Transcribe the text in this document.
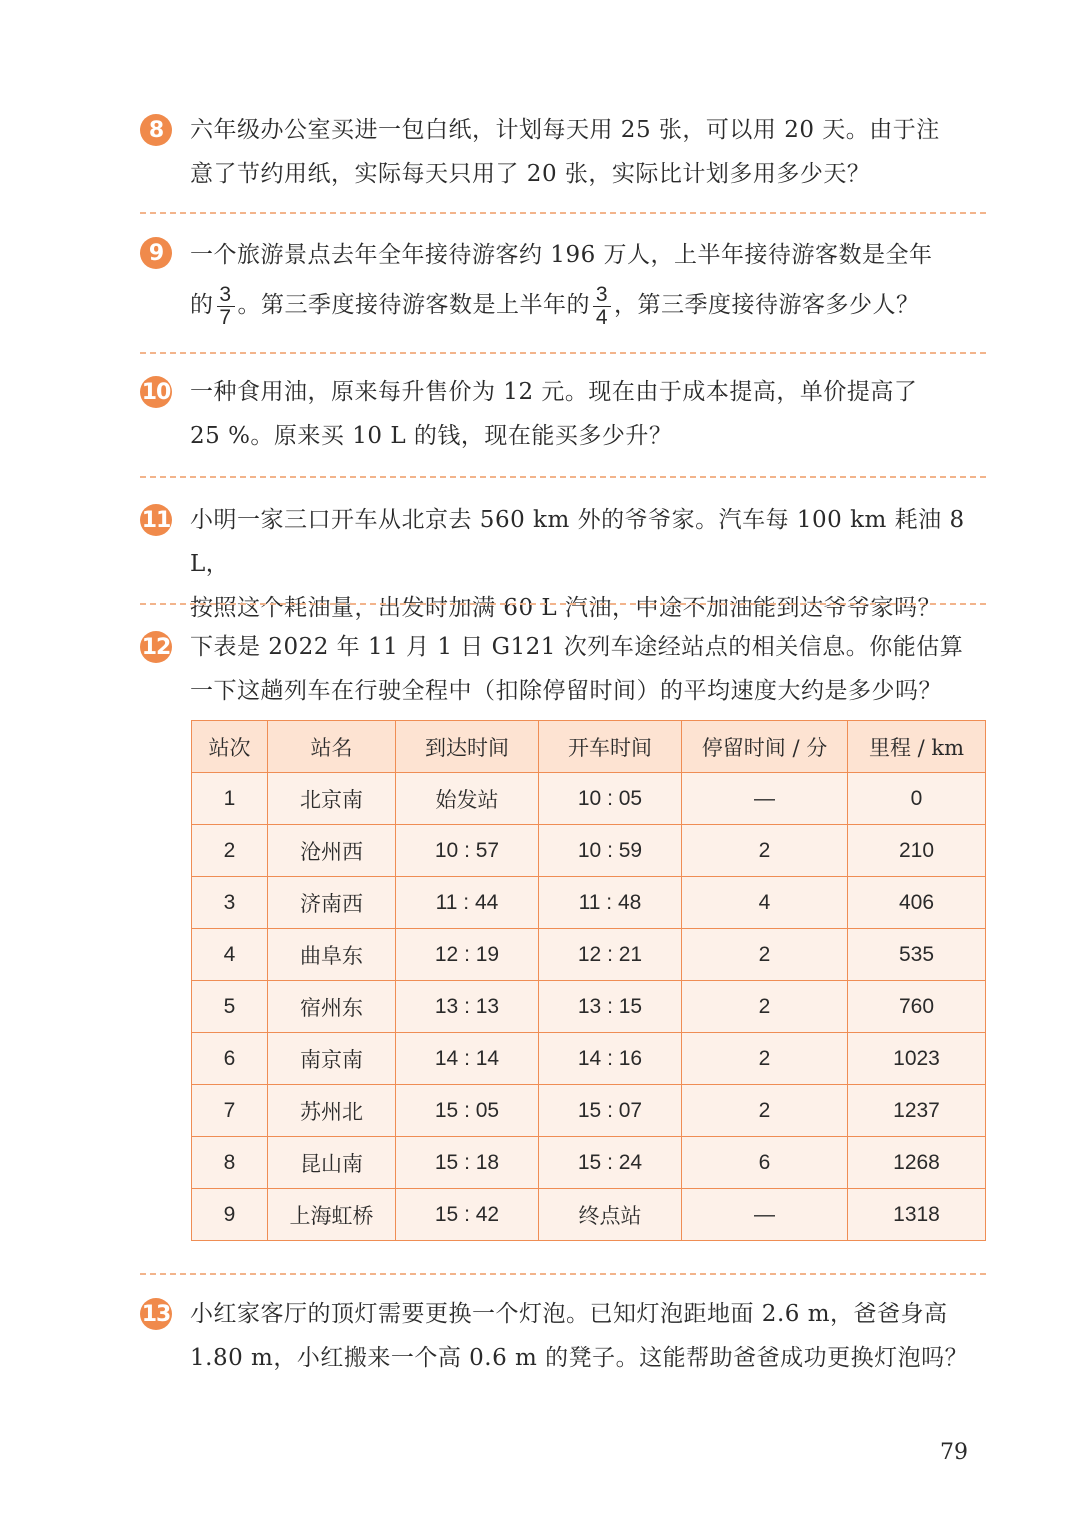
8	六年级办公室买进一包白纸，计划每天用 25 张，可以用 20 天。由于注
意了节约用纸，实际每天只用了 20 张，实际比计划多用多少天？
9	一个旅游景点去年全年接待游客约 196 万人，上半年接待游客数是全年
的 $\frac{3}{7}$ 。第三季度接待游客数是上半年的 $\frac{3}{4}$ ，第三季度接待游客多少人？
10 一种食用油，原来每升售价为 12 元。现在由于成本提高，单价提高了
25 %。原来买 10 L 的钱，现在能买多少升？
11 小明一家三口开车从北京去 560 km 外的爷爷家。汽车每 100 km 耗油 8 L，
按照这个耗油量，出发时加满 60 L 汽油，中途不加油能到达爷爷家吗？
12 下表是 2022 年 11 月 1 日 G121 次列车途经站点的相关信息。你能估算
一下这趟列车在行驶全程中（扣除停留时间）的平均速度大约是多少吗？
站次	站名	到达时间	开车时间	停留时间 / 分	里程 / km
1	北京南	始发站	10 : 05	—	0
2	沧州西	10 : 57	10 : 59	2	210
3	济南西	11 : 44	11 : 48	4	406
4	曲阜东	12 : 19	12 : 21	2	535
5	宿州东	13 : 13	13 : 15	2	760
6	南京南	14 : 14	14 : 16	2	1023
7	苏州北	15 : 05	15 : 07	2	1237
8	昆山南	15 : 18	15 : 24	6	1268
9	上海虹桥	15 : 42	终点站	—	1318
13 小红家客厅的顶灯需要更换一个灯泡。已知灯泡距地面 2.6 m，爸爸身高
1.80 m，小红搬来一个高 0.6 m 的凳子。这能帮助爸爸成功更换灯泡吗？
79
